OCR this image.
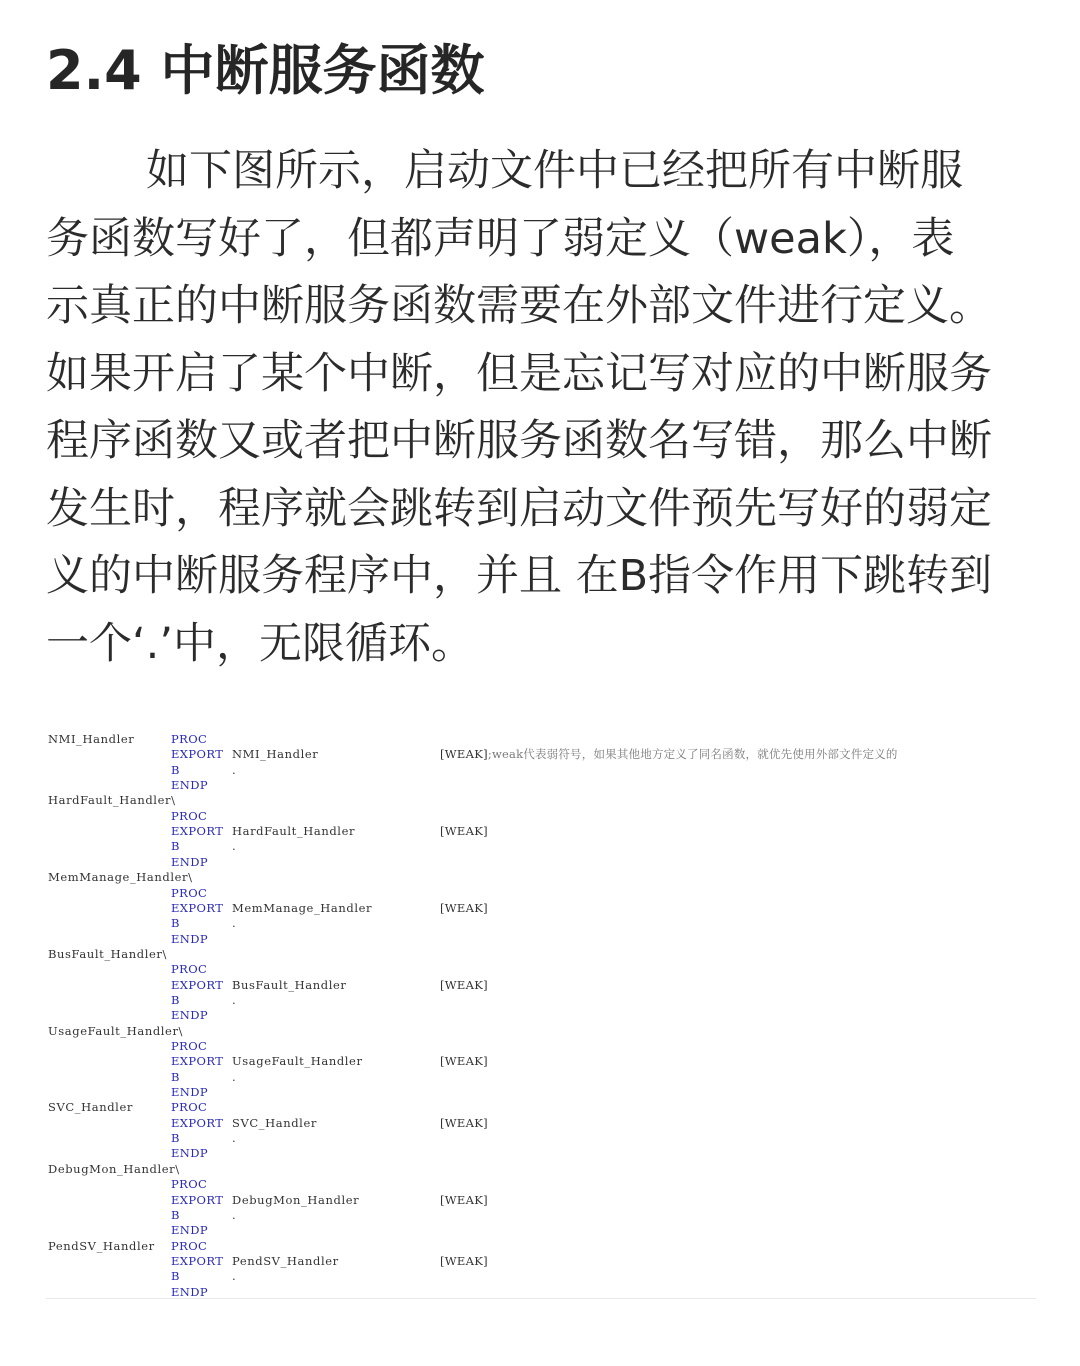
2.4 中断服务函数
如下图所示，启动文件中已经把所有中断服
务函数写好了，但都声明了弱定义（weak），表
示真正的中断服务函数需要在外部文件进行定义。
如果开启了某个中断，但是忘记写对应的中断服务
程序函数又或者把中断服务函数名写错，那么中断
发生时，程序就会跳转到启动文件预先写好的弱定
义的中断服务程序中，并且 在B指令作用下跳转到
一个‘.’中，无限循环。
NMI_Handler	PROC
EXPORT NMI_Handler	[WEAK];weak代表弱符号，如果其他地方定义了同名函数，就优先使用外部文件定义的
B	.
ENDP
HardFault_Handler\
PROC
EXPORT HardFault_Handler	[WEAK]
B	.
ENDP
MemManage_Handler\
PROC
EXPORT MemManage_Handler	[WEAK]
B	.
ENDP
BusFault_Handler\
PROC
EXPORT BusFault_Handler	[WEAK]
B	.
ENDP
UsageFault_Handler\
PROC
EXPORT UsageFault_Handler	[WEAK]
B	.
ENDP
SVC_Handler	PROC
EXPORT SVC_Handler	[WEAK]
B	.
ENDP
DebugMon_Handler\
PROC
EXPORT DebugMon_Handler	[WEAK]
B	.
ENDP
PendSV_Handler PROC
EXPORT PendSV_Handler	[WEAK]
B	.
ENDP
